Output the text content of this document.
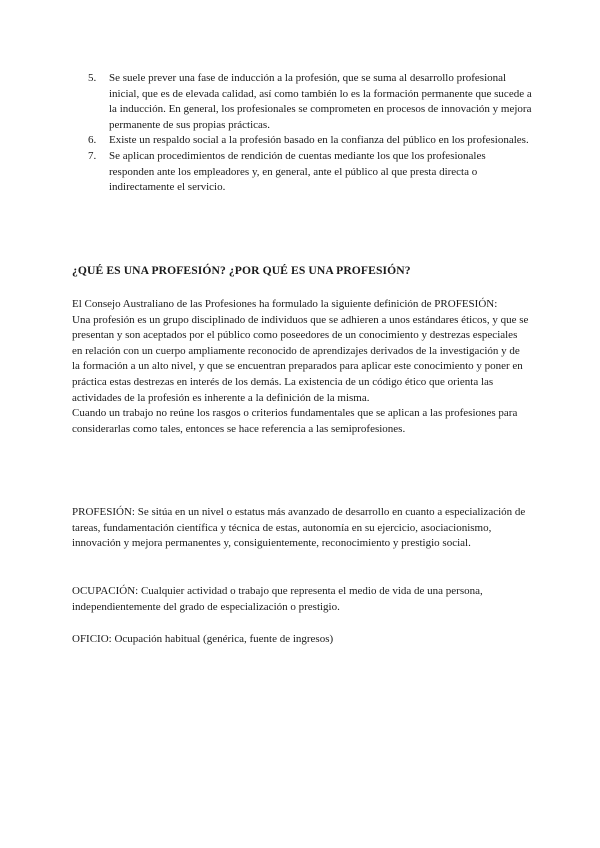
5. Se suele prever una fase de inducción a la profesión, que se suma al desarrollo profesional inicial, que es de elevada calidad, así como también lo es la formación permanente que sucede a la inducción. En general, los profesionales se comprometen en procesos de innovación y mejora permanente de sus propias prácticas.
6. Existe un respaldo social a la profesión basado en la confianza del público en los profesionales.
7. Se aplican procedimientos de rendición de cuentas mediante los que los profesionales responden ante los empleadores y, en general, ante el público al que presta directa o indirectamente el servicio.
¿QUÉ ES UNA PROFESIÓN? ¿POR QUÉ ES UNA PROFESIÓN?

El Consejo Australiano de las Profesiones ha formulado la siguiente definición de PROFESIÓN:

Una profesión es un grupo disciplinado de individuos que se adhieren a unos estándares éticos, y que se presentan y son aceptados por el público como poseedores de un conocimiento y destrezas especiales en relación con un cuerpo ampliamente reconocido de aprendizajes derivados de la investigación y de la formación a un alto nivel, y que se encuentran preparados para aplicar este conocimiento y poner en práctica estas destrezas en interés de los demás. La existencia de un código ético que orienta las actividades de la profesión es inherente a la definición de la misma.

Cuando un trabajo no reúne los rasgos o criterios fundamentales que se aplican a las profesiones para considerarlas como tales, entonces se hace referencia a las semiprofesiones.

PROFESIÓN: Se sitúa en un nivel o estatus más avanzado de desarrollo en cuanto a especialización de tareas, fundamentación científica y técnica de estas, autonomía en su ejercicio, asociacionismo, innovación y mejora permanentes y, consiguientemente, reconocimiento y prestigio social.
OCUPACIÓN: Cualquier actividad o trabajo que representa el medio de vida de una persona, independientemente del grado de especialización o prestigio.
OFICIO: Ocupación habitual (genérica, fuente de ingresos)
